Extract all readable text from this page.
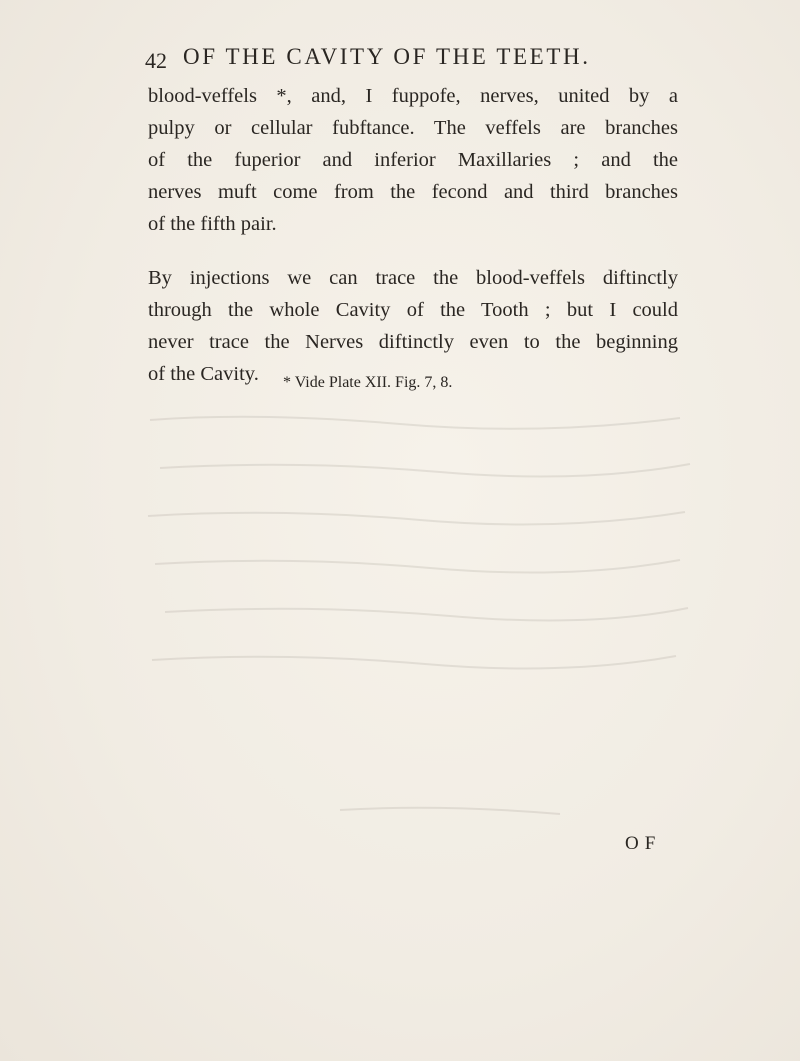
42 OF THE CAVITY OF THE TEETH.
blood-veffels *, and, I fuppofe, nerves, united by a
pulpy or cellular fubftance. The veffels are branches
of the fuperior and inferior Maxillaries ; and the
nerves muft come from the fecond and third branches
of the fifth pair.
By injections we can trace the blood-veffels diftinctly
through the whole Cavity of the Tooth ; but I could
never trace the Nerves diftinctly even to the beginning
of the Cavity.	* Vide Plate XII. Fig. 7, 8.
OF
